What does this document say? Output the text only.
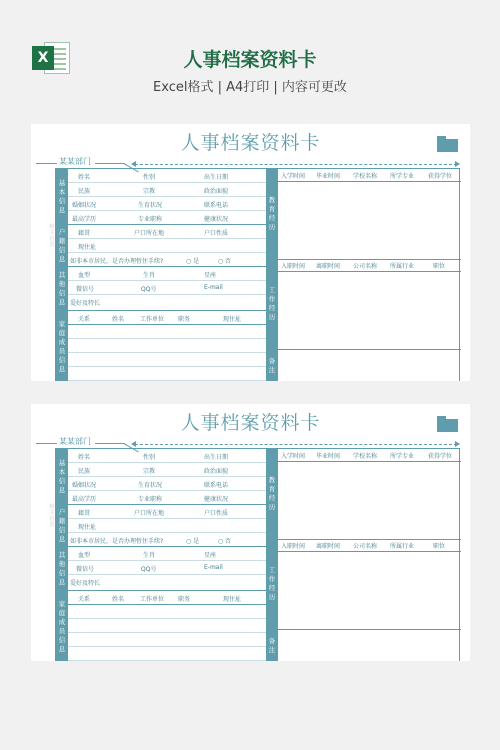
X	人事档案资料卡
Excel格式 | A4打印 | 内容可更改
人事档案资料卡
某某部门
相关信息
基本信息
姓名	性别	出生日期
民族	宗教	政治面貌
婚姻状况	生育状况	联系电话
最高学历	专业职称	健康状况
户籍信息
籍贯	户口所在地	户口性质
现住址
如非本市居民，是否办理暂住手续?	○ 是	○ 否
其他信息
血型	生肖	星座
微信号	QQ号	E-mail
爱好及特长
家庭成员信息
关系	姓名	工作单位 职务	现住址
教育经历
入学时间 毕业时间 学校名称 所学专业 获得学位
工作经历
入职时间 离职时间 公司名称 所属行业	职位
备注
人事档案资料卡
某某部门
相关信息
基本信息
姓名	性别	出生日期
民族	宗教	政治面貌
婚姻状况	生育状况	联系电话
最高学历	专业职称	健康状况
户籍信息
籍贯	户口所在地	户口性质
现住址
如非本市居民，是否办理暂住手续?	○ 是	○ 否
其他信息
血型	生肖	星座
微信号	QQ号	E-mail
爱好及特长
家庭成员信息
关系	姓名	工作单位 职务	现住址
教育经历
入学时间 毕业时间 学校名称 所学专业 获得学位
工作经历
入职时间 离职时间 公司名称 所属行业	职位
备注
